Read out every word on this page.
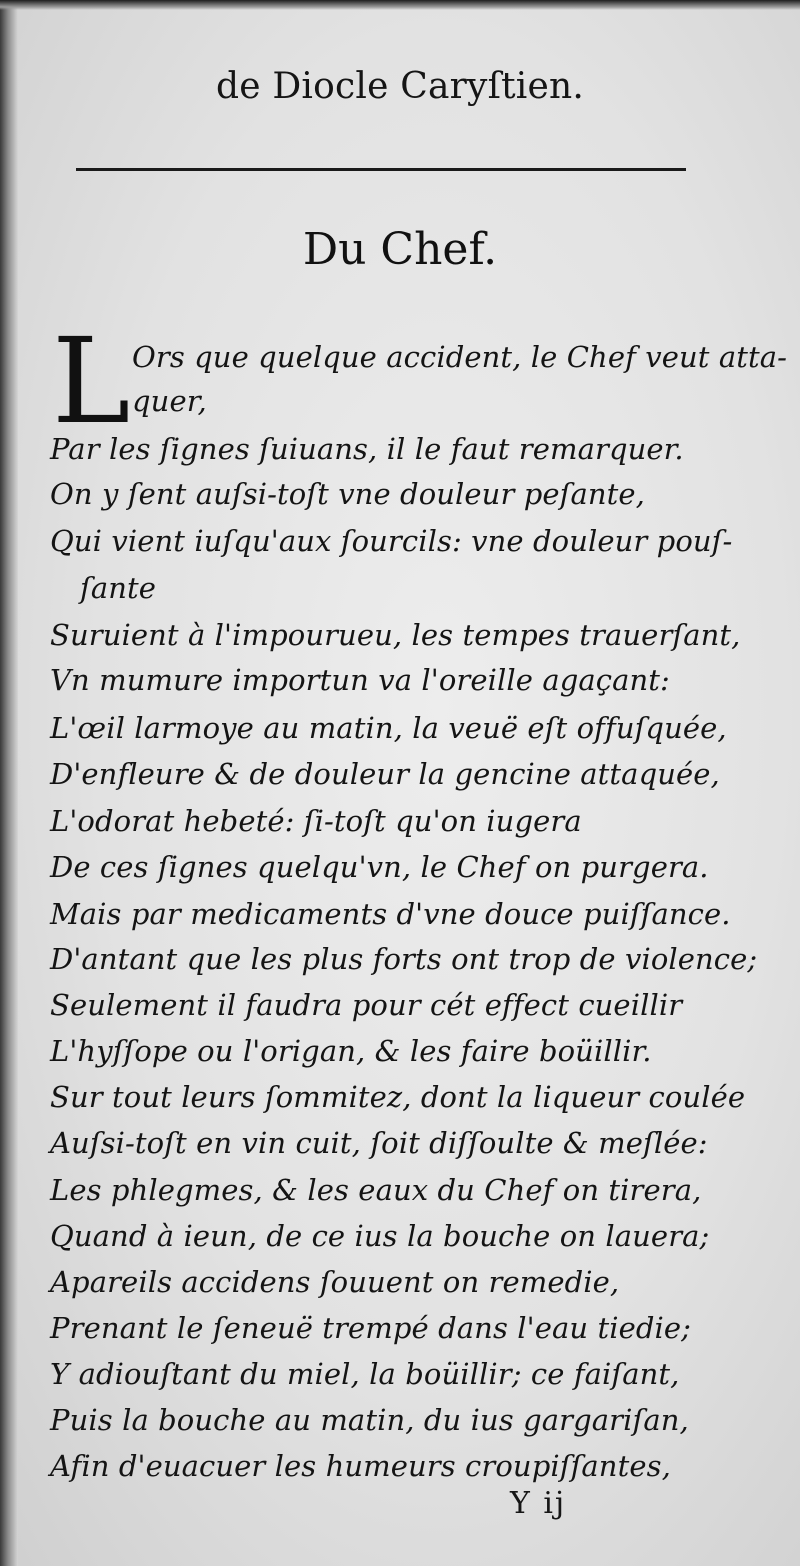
de Diocle Caryſtien.
Du Chef.
L Ors que quelque accident, le Chef veut atta-
quer,
Par les ſignes ſuiuans, il le faut remarquer.
On y ſent auſsi-toſt vne douleur peſante,
Qui vient iuſqu'aux ſourcils: vne douleur pouſ-
ſante
Suruient à l'impourueu, les tempes trauerſant,
Vn mumure importun va l'oreille agaçant:
L'œil larmoye au matin, la veuë eſt offuſquée,
D'enfleure & de douleur la gencine attaquée,
L'odorat hebeté: ſi-toſt qu'on iugera
De ces ſignes quelqu'vn, le Chef on purgera.
Mais par medicaments d'vne douce puiſſance.
D'antant que les plus forts ont trop de violence;
Seulement il faudra pour cét effect cueillir
L'hyſſope ou l'origan, & les faire boüillir.
Sur tout leurs ſommitez, dont la liqueur coulée
Auſsi-toſt en vin cuit, ſoit diſſoulte & meſlée:
Les phlegmes, & les eaux du Chef on tirera,
Quand à ieun, de ce ius la bouche on lauera;
Apareils accidens ſouuent on remedie,
Prenant le ſeneuë trempé dans l'eau tiedie;
Y adiouſtant du miel, la boüillir; ce faiſant,
Puis la bouche au matin, du ius gargariſan,
Afin d'euacuer les humeurs croupiſſantes,
Y ij
